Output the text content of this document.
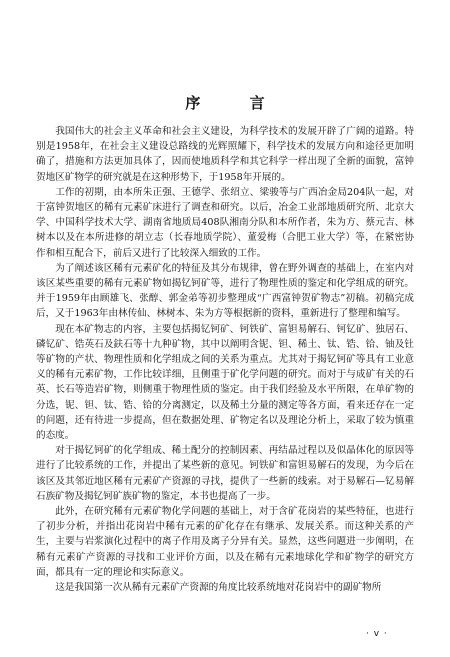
序 言

我国伟大的社会主义革命和社会主义建设，为科学技术的发展开辟了广阔的道路。特别是1958年，在社会主义建设总路线的光辉照耀下，科学技术的发展方向和途径更加明确了，措施和方法更加具体了，因而使地质科学和其它科学一样出现了全新的面貌，富钟贺地区矿物学的研究就是在这种形势下，于1958年开展的。

工作的初期，由本所朱正强、王德学、张绍立、梁骏等与广西冶金局204队一起，对于富钟贺地区的稀有元素矿床进行了调查和研究。以后，冶金工业部地质研究所、北京大学、中国科学技术大学、湖南省地质局408队湘南分队和本所作者，朱为方、蔡元吉、林树本以及在本所进修的胡立志（长春地质学院）、董爱梅（合肥工业大学）等，在紧密协作和相互配合下，前后又进行了比较深入细致的工作。

为了阐述该区稀有元素矿化的特征及其分布规律，曾在野外调查的基础上，在室内对该区某些重要的稀有元素矿物如揭钇钶矿等，进行了物理性质的鉴定和化学组成的研究。并于1959年由顾雄飞、张醇、郭金弟等初步整理成“广西富钟贺矿物志”初稿。初稿完成后，又于1963年由林传仙、林树本、朱为方等根据新的资料，重新进行了整理和编写。

现在本矿物志的内容，主要包括揭钇钶矿、钶铁矿、富钽易解石、钶钇矿、独居石、磷钇矿、锆英石及鈇石等十九种矿物，其中以阐明含铌、钽、稀土、钛、锆、铪、铀及钍等矿物的产状、物理性质和化学组成之间的关系为重点。尤其对于揭钇钶矿等具有工业意义的稀有元素矿物，工作比较详细，且侧重于矿化学问题的研究。而对于与成矿有关的石英、长石等造岩矿物，则侧重于物理性质的鉴定。由于我们经验及水平所限，在单矿物的分选，铌、钽、钛、锆、铪的分离测定，以及稀土分量的测定等各方面，看来还存在一定的问题，还有待进一步提高，但在数据处理、矿物定名以及理论分析上，采取了较为慎重的态度。

对于揭钇钶矿的化学组成、稀土配分的控制因素、再结晶过程以及似晶体化的原因等进行了比较系统的工作，并提出了某些新的意见。钶铁矿和富钽易解石的发现，为今后在该区及其邻近地区稀有元素矿产资源的寻找，提供了一些新的线索。对于易解石—钇易解石族矿物及揭钇钶矿族矿物的鉴定，本书也提高了一步。

此外，在研究稀有元素矿物化学问题的基础上，对于含矿花岗岩的某些特征，也进行了初步分析，并指出花岗岩中稀有元素的矿化存在有继承、发展关系。而这种关系的产生，主要与岩浆演化过程中的离子作用及离子分异有关。显然，这些问题进一步阐明，在稀有元素矿产资源的寻找和工业评价方面，以及在稀有元素地球化学和矿物学的研究方面，都具有一定的理论和实际意义。

这是我国第一次从稀有元素矿产资源的角度比较系统地对花岗岩中的副矿物所

· v ·
